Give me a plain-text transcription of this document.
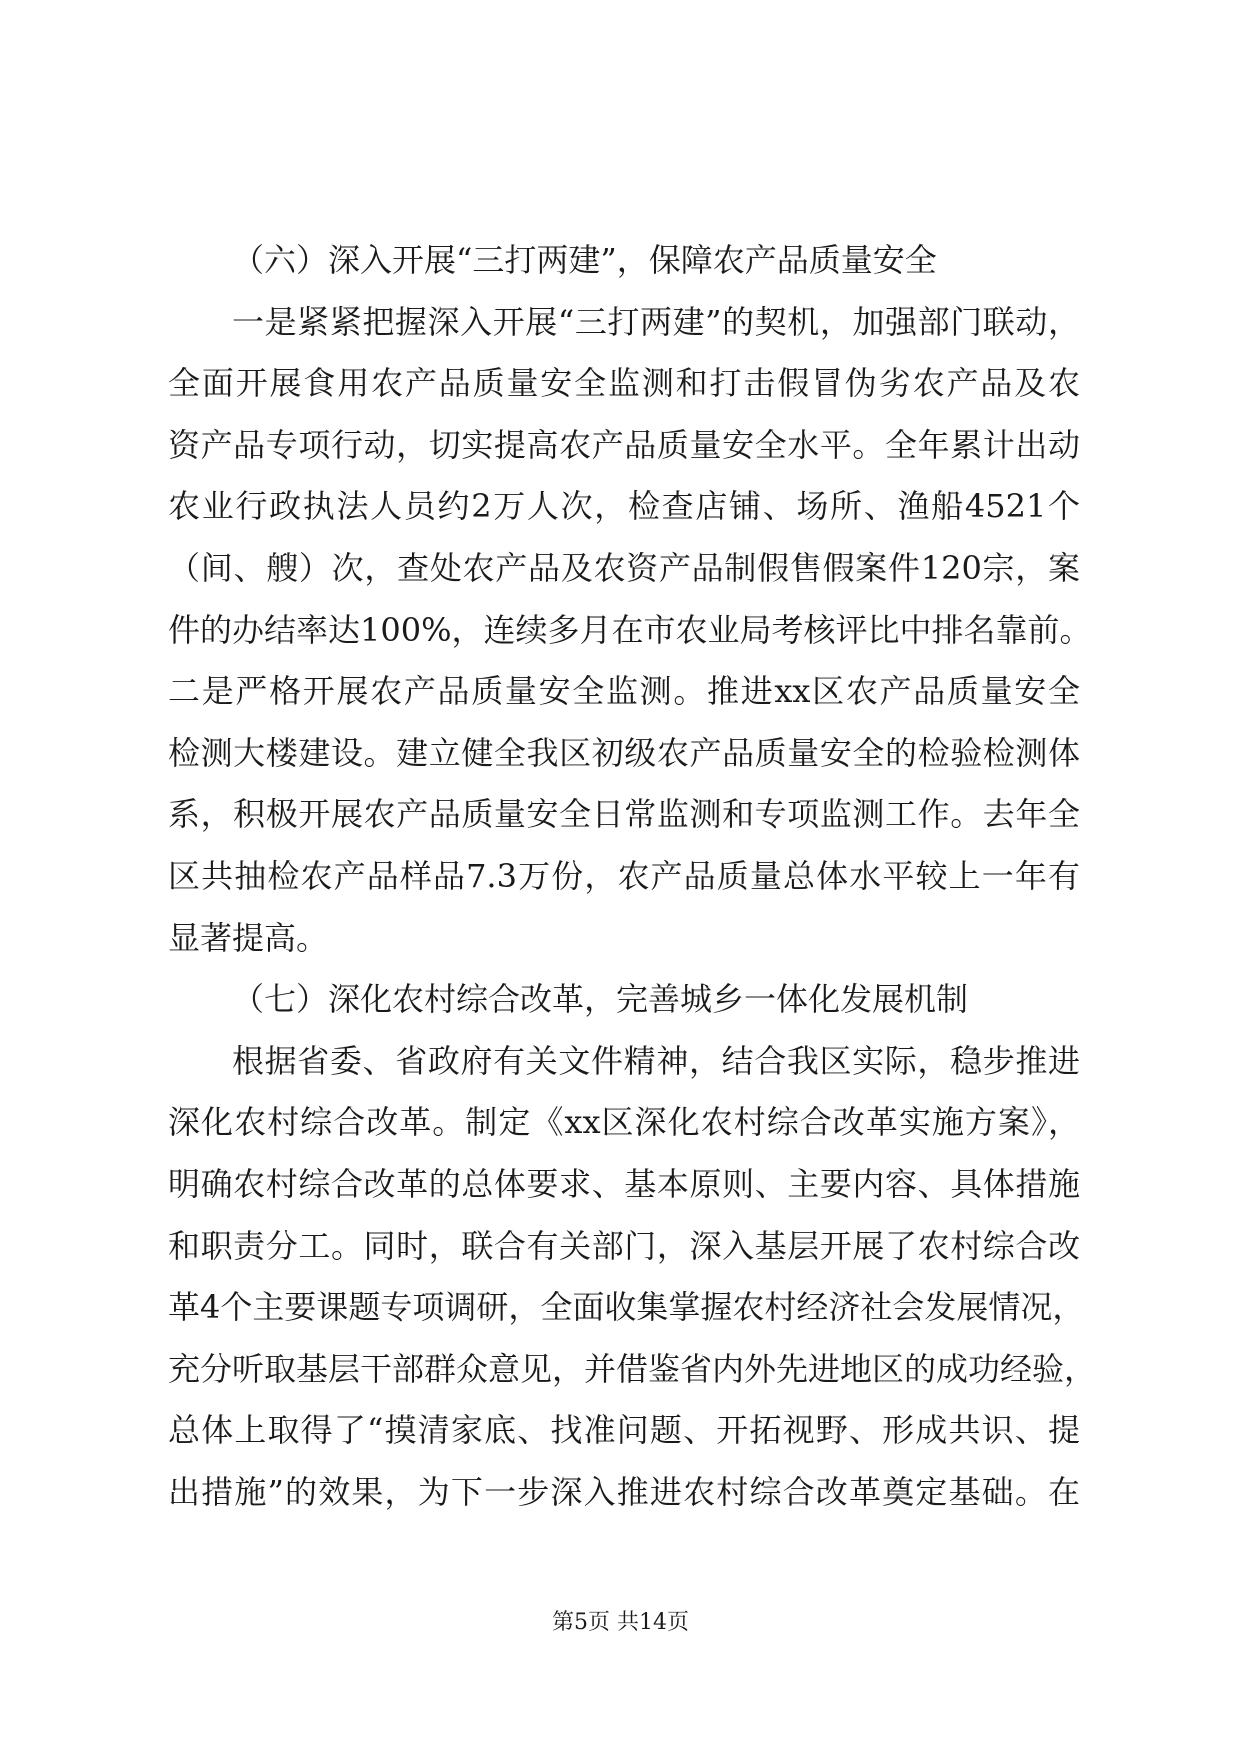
（六）深入开展“三打两建”，保障农产品质量安全
一是紧紧把握深入开展“三打两建”的契机，加强部门联动，
全面开展食用农产品质量安全监测和打击假冒伪劣农产品及农
资产品专项行动，切实提高农产品质量安全水平。全年累计出动
农业行政执法人员约2万人次，检查店铺、场所、渔船4521个
（间、艘）次，查处农产品及农资产品制假售假案件120宗，案
件的办结率达100%，连续多月在市农业局考核评比中排名靠前。
二是严格开展农产品质量安全监测。推进xx区农产品质量安全
检测大楼建设。建立健全我区初级农产品质量安全的检验检测体
系，积极开展农产品质量安全日常监测和专项监测工作。去年全
区共抽检农产品样品7.3万份，农产品质量总体水平较上一年有
显著提高。
（七）深化农村综合改革，完善城乡一体化发展机制
根据省委、省政府有关文件精神，结合我区实际，稳步推进
深化农村综合改革。制定《xx区深化农村综合改革实施方案》，
明确农村综合改革的总体要求、基本原则、主要内容、具体措施
和职责分工。同时，联合有关部门，深入基层开展了农村综合改
革4个主要课题专项调研，全面收集掌握农村经济社会发展情况，
充分听取基层干部群众意见，并借鉴省内外先进地区的成功经验，
总体上取得了“摸清家底、找准问题、开拓视野、形成共识、提
出措施”的效果，为下一步深入推进农村综合改革奠定基础。在
第5页 共14页
